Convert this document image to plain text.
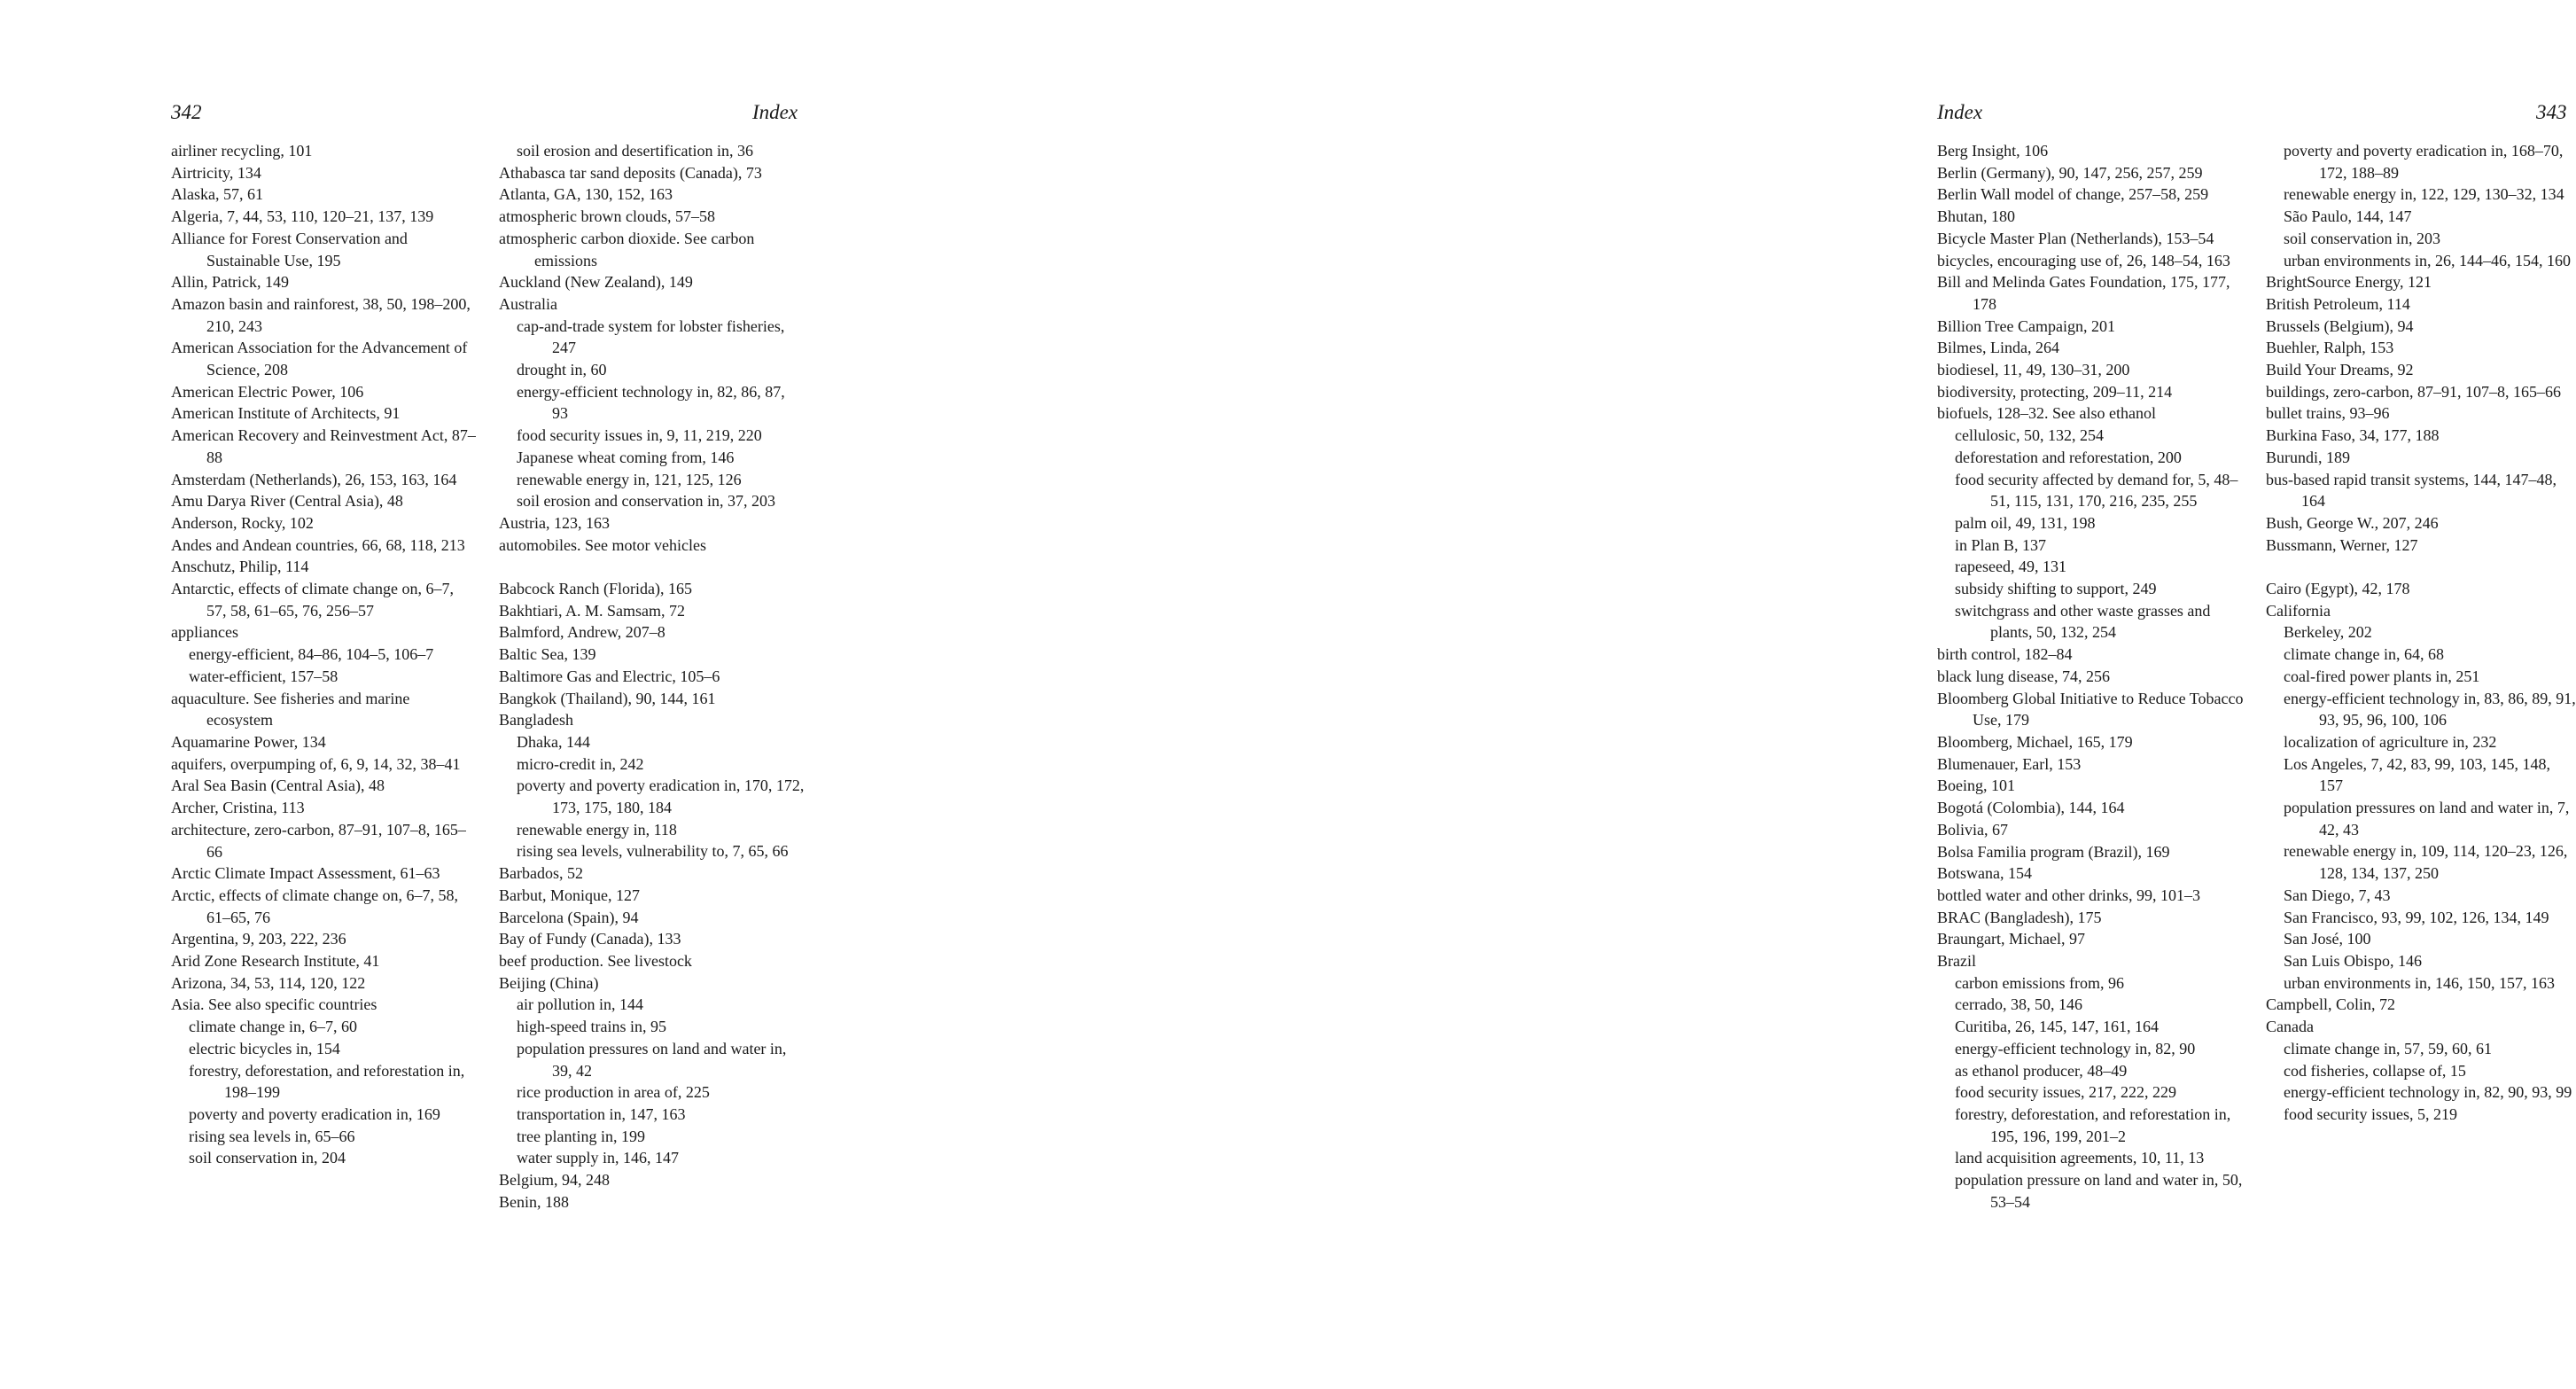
342	Index
airliner recycling, 101
Airtricity, 134
Alaska, 57, 61
Algeria, 7, 44, 53, 110, 120–21, 137, 139
Alliance for Forest Conservation and Sustainable Use, 195
Allin, Patrick, 149
Amazon basin and rainforest, 38, 50, 198–200, 210, 243
American Association for the Advancement of Science, 208
American Electric Power, 106
American Institute of Architects, 91
American Recovery and Reinvestment Act, 87–88
Amsterdam (Netherlands), 26, 153, 163, 164
Amu Darya River (Central Asia), 48
Anderson, Rocky, 102
Andes and Andean countries, 66, 68, 118, 213
Anschutz, Philip, 114
Antarctic, effects of climate change on, 6–7, 57, 58, 61–65, 76, 256–57
appliances
energy-efficient, 84–86, 104–5, 106–7
water-efficient, 157–58
aquaculture. See fisheries and marine ecosystem
Aquamarine Power, 134
aquifers, overpumping of, 6, 9, 14, 32, 38–41
Aral Sea Basin (Central Asia), 48
Archer, Cristina, 113
architecture, zero-carbon, 87–91, 107–8, 165–66
Arctic Climate Impact Assessment, 61–63
Arctic, effects of climate change on, 6–7, 58, 61–65, 76
Argentina, 9, 203, 222, 236
Arid Zone Research Institute, 41
Arizona, 34, 53, 114, 120, 122
Asia. See also specific countries
climate change in, 6–7, 60
electric bicycles in, 154
forestry, deforestation, and reforestation in, 198–199
poverty and poverty eradication in, 169
rising sea levels in, 65–66
soil conservation in, 204
soil erosion and desertification in, 36
Athabasca tar sand deposits (Canada), 73
Atlanta, GA, 130, 152, 163
atmospheric brown clouds, 57–58
atmospheric carbon dioxide. See carbon emissions
Auckland (New Zealand), 149
Australia
cap-and-trade system for lobster fisheries, 247
drought in, 60
energy-efficient technology in, 82, 86, 87, 93
food security issues in, 9, 11, 219, 220
Japanese wheat coming from, 146
renewable energy in, 121, 125, 126
soil erosion and conservation in, 37, 203
Austria, 123, 163
automobiles. See motor vehicles
Babcock Ranch (Florida), 165
Bakhtiari, A. M. Samsam, 72
Balmford, Andrew, 207–8
Baltic Sea, 139
Baltimore Gas and Electric, 105–6
Bangkok (Thailand), 90, 144, 161
Bangladesh
Dhaka, 144
micro-credit in, 242
poverty and poverty eradication in, 170, 172, 173, 175, 180, 184
renewable energy in, 118
rising sea levels, vulnerability to, 7, 65, 66
Barbados, 52
Barbut, Monique, 127
Barcelona (Spain), 94
Bay of Fundy (Canada), 133
beef production. See livestock
Beijing (China)
air pollution in, 144
high-speed trains in, 95
population pressures on land and water in, 39, 42
rice production in area of, 225
transportation in, 147, 163
tree planting in, 199
water supply in, 146, 147
Belgium, 94, 248
Benin, 188
Index	343
Berg Insight, 106
Berlin (Germany), 90, 147, 256, 257, 259
Berlin Wall model of change, 257–58, 259
Bhutan, 180
Bicycle Master Plan (Netherlands), 153–54
bicycles, encouraging use of, 26, 148–54, 163
Bill and Melinda Gates Foundation, 175, 177, 178
Billion Tree Campaign, 201
Bilmes, Linda, 264
biodiesel, 11, 49, 130–31, 200
biodiversity, protecting, 209–11, 214
biofuels, 128–32. See also ethanol
cellulosic, 50, 132, 254
deforestation and reforestation, 200
food security affected by demand for, 5, 48–51, 115, 131, 170, 216, 235, 255
palm oil, 49, 131, 198
in Plan B, 137
rapeseed, 49, 131
subsidy shifting to support, 249
switchgrass and other waste grasses and plants, 50, 132, 254
birth control, 182–84
black lung disease, 74, 256
Bloomberg Global Initiative to Reduce Tobacco Use, 179
Bloomberg, Michael, 165, 179
Blumenauer, Earl, 153
Boeing, 101
Bogotá (Colombia), 144, 164
Bolivia, 67
Bolsa Familia program (Brazil), 169
Botswana, 154
bottled water and other drinks, 99, 101–3
BRAC (Bangladesh), 175
Braungart, Michael, 97
Brazil
carbon emissions from, 96
cerrado, 38, 50, 146
Curitiba, 26, 145, 147, 161, 164
energy-efficient technology in, 82, 90
as ethanol producer, 48–49
food security issues, 217, 222, 229
forestry, deforestation, and reforestation in, 195, 196, 199, 201–2
land acquisition agreements, 10, 11, 13
population pressure on land and water in, 50, 53–54
poverty and poverty eradication in, 168–70, 172, 188–89
renewable energy in, 122, 129, 130–32, 134
São Paulo, 144, 147
soil conservation in, 203
urban environments in, 26, 144–46, 154, 160
BrightSource Energy, 121
British Petroleum, 114
Brussels (Belgium), 94
Buehler, Ralph, 153
Build Your Dreams, 92
buildings, zero-carbon, 87–91, 107–8, 165–66
bullet trains, 93–96
Burkina Faso, 34, 177, 188
Burundi, 189
bus-based rapid transit systems, 144, 147–48, 164
Bush, George W., 207, 246
Bussmann, Werner, 127
Cairo (Egypt), 42, 178
California
Berkeley, 202
climate change in, 64, 68
coal-fired power plants in, 251
energy-efficient technology in, 83, 86, 89, 91, 93, 95, 96, 100, 106
localization of agriculture in, 232
Los Angeles, 7, 42, 83, 99, 103, 145, 148, 157
population pressures on land and water in, 7, 42, 43
renewable energy in, 109, 114, 120–23, 126, 128, 134, 137, 250
San Diego, 7, 43
San Francisco, 93, 99, 102, 126, 134, 149
San José, 100
San Luis Obispo, 146
urban environments in, 146, 150, 157, 163
Campbell, Colin, 72
Canada
climate change in, 57, 59, 60, 61
cod fisheries, collapse of, 15
energy-efficient technology in, 82, 90, 93, 99
food security issues, 5, 219
